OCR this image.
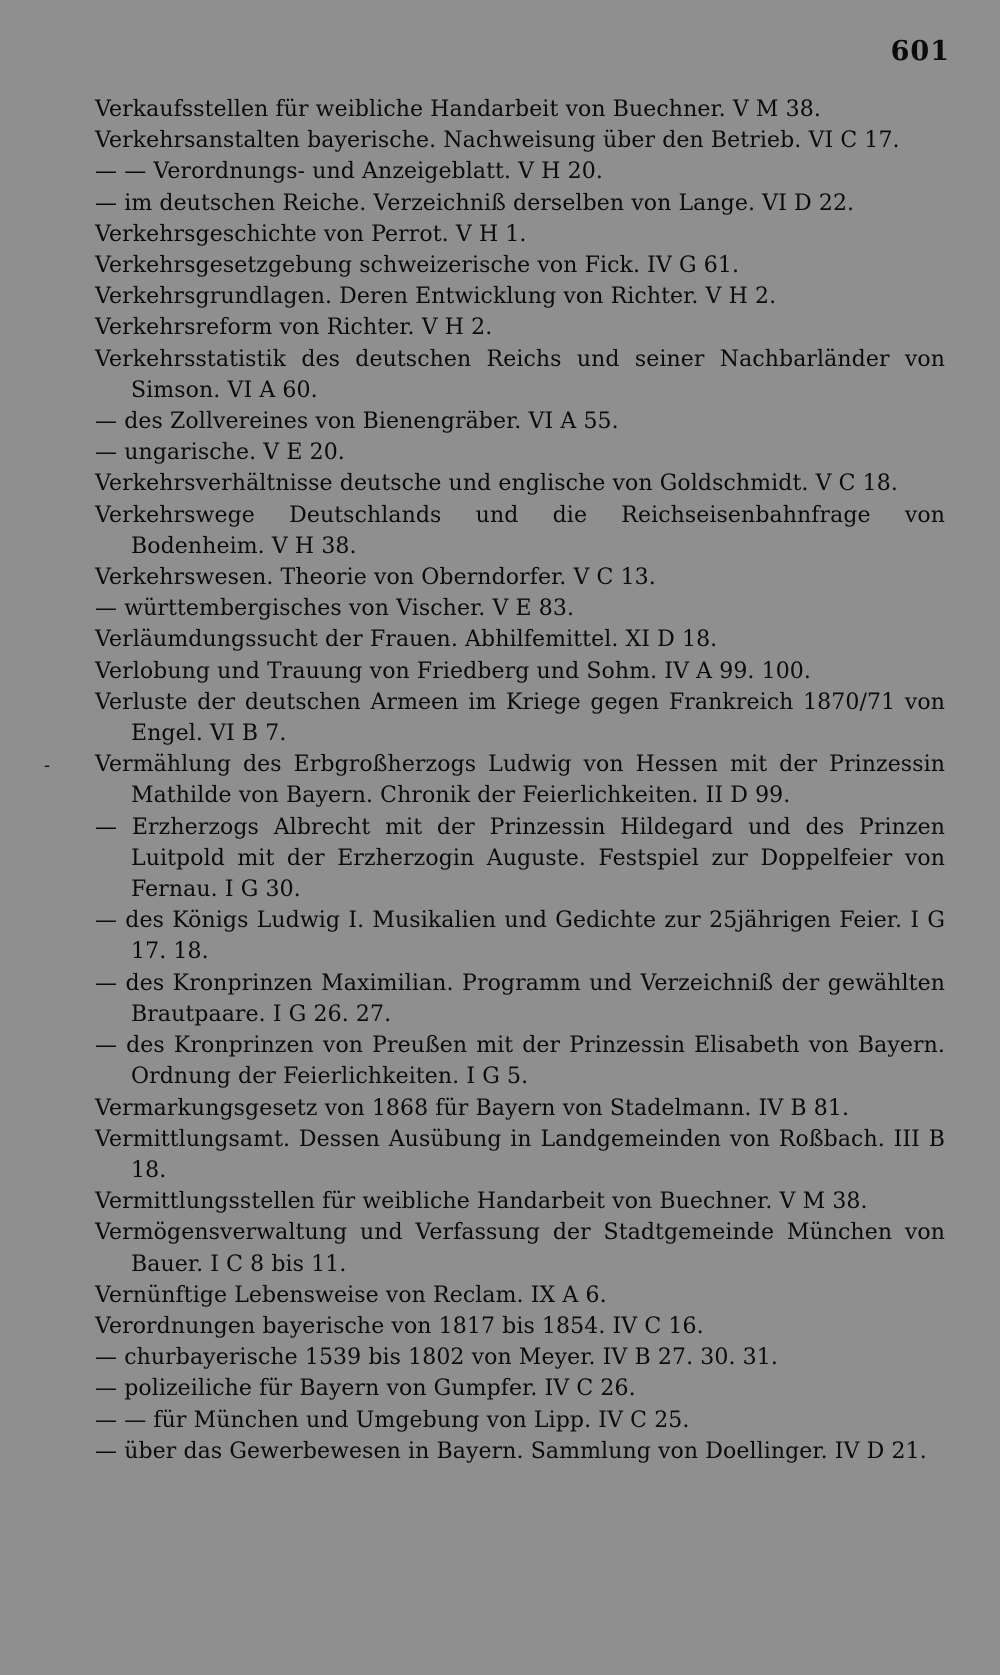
601
-
Verkaufsstellen für weibliche Handarbeit von Buechner. V M 38.
Verkehrsanstalten bayerische. Nachweisung über den Betrieb. VI C 17.
— — Verordnungs- und Anzeigeblatt. V H 20.
— im deutschen Reiche. Verzeichniß derselben von Lange. VI D 22.
Verkehrsgeschichte von Perrot. V H 1.
Verkehrsgesetzgebung schweizerische von Fick. IV G 61.
Verkehrsgrundlagen. Deren Entwicklung von Richter. V H 2.
Verkehrsreform von Richter. V H 2.
Verkehrsstatistik des deutschen Reichs und seiner Nachbarländer von Simson. VI A 60.
— des Zollvereines von Bienengräber. VI A 55.
— ungarische. V E 20.
Verkehrsverhältnisse deutsche und englische von Goldschmidt. V C 18.
Verkehrswege Deutschlands und die Reichseisenbahnfrage von Bodenheim. V H 38.
Verkehrswesen. Theorie von Oberndorfer. V C 13.
— württembergisches von Vischer. V E 83.
Verläumdungssucht der Frauen. Abhilfemittel. XI D 18.
Verlobung und Trauung von Friedberg und Sohm. IV A 99. 100.
Verluste der deutschen Armeen im Kriege gegen Frankreich 1870/71 von Engel. VI B 7.
Vermählung des Erbgroßherzogs Ludwig von Hessen mit der Prinzessin Mathilde von Bayern. Chronik der Feierlichkeiten. II D 99.
— Erzherzogs Albrecht mit der Prinzessin Hildegard und des Prinzen Luitpold mit der Erzherzogin Auguste. Festspiel zur Doppelfeier von Fernau. I G 30.
— des Königs Ludwig I. Musikalien und Gedichte zur 25jährigen Feier. I G 17. 18.
— des Kronprinzen Maximilian. Programm und Verzeichniß der gewählten Brautpaare. I G 26. 27.
— des Kronprinzen von Preußen mit der Prinzessin Elisabeth von Bayern. Ordnung der Feierlichkeiten. I G 5.
Vermarkungsgesetz von 1868 für Bayern von Stadelmann. IV B 81.
Vermittlungsamt. Dessen Ausübung in Landgemeinden von Roßbach. III B 18.
Vermittlungsstellen für weibliche Handarbeit von Buechner. V M 38.
Vermögensverwaltung und Verfassung der Stadtgemeinde München von Bauer. I C 8 bis 11.
Vernünftige Lebensweise von Reclam. IX A 6.
Verordnungen bayerische von 1817 bis 1854. IV C 16.
— churbayerische 1539 bis 1802 von Meyer. IV B 27. 30. 31.
— polizeiliche für Bayern von Gumpfer. IV C 26.
— — für München und Umgebung von Lipp. IV C 25.
— über das Gewerbewesen in Bayern. Sammlung von Doellinger. IV D 21.
